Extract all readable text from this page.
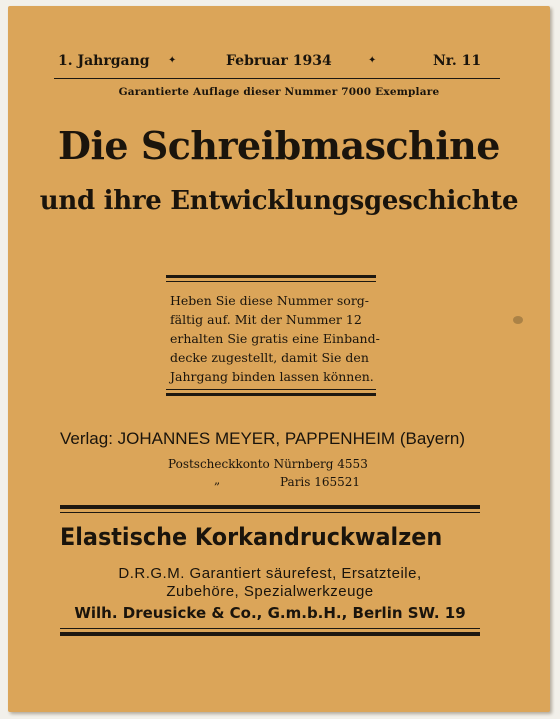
1. Jahrgang ✦	Februar 1934	✦	Nr. 11
Garantierte Auflage dieser Nummer 7000 Exemplare
Die Schreibmaschine
und ihre Entwicklungsgeschichte
Heben Sie diese Nummer sorg-
fältig auf. Mit der Nummer 12
erhalten Sie gratis eine Einband-
decke zugestellt, damit Sie den
Jahrgang binden lassen können.
Verlag: JOHANNES MEYER, PAPPENHEIM (Bayern)
Postscheckkonto Nürnberg 4553
„	Paris 165521
Elastische Korkandruckwalzen
D.R.G.M. Garantiert säurefest, Ersatzteile,
Zubehöre, Spezialwerkzeuge
Wilh. Dreusicke & Co., G.m.b.H., Berlin SW. 19
